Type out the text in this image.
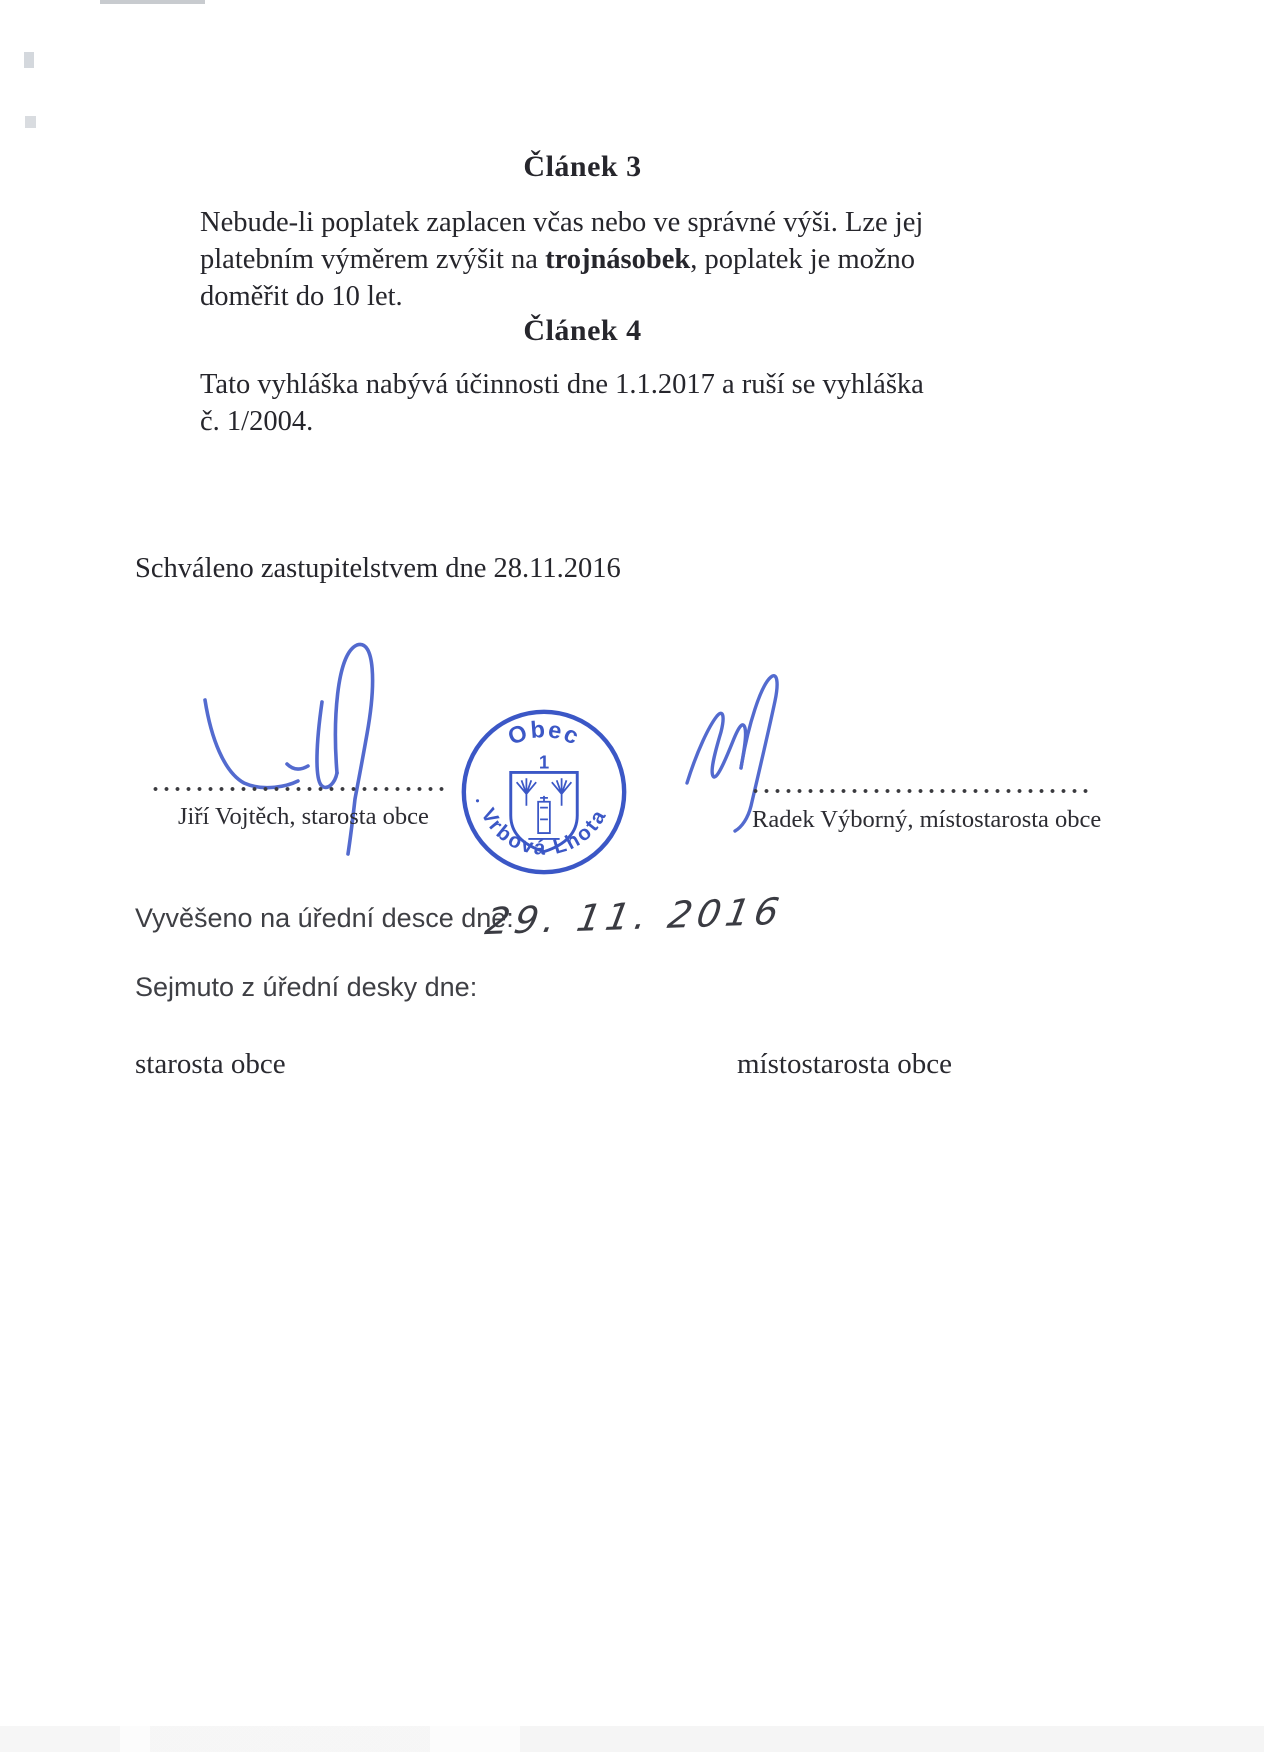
Článek 3

Nebude-li poplatek zaplacen včas nebo ve správné výši. Lze jej platebním výměrem zvýšit na trojnásobek, poplatek je možno doměřit do 10 let.

Článek 4
Tato vyhláška nabývá účinnosti dne 1.1.2017 a ruší se vyhláška
č. 1/2004.
Schváleno zastupitelstvem dne 28.11.2016
Jiří Vojtěch, starosta obce
Obec
1
Vrbová Lhota	Radek Výborný, místostarosta obce
Vyvěšeno na úřední desce dne:
29. 11. 2016
Sejmuto z úřední desky dne:
starosta obce	místostarosta obce
